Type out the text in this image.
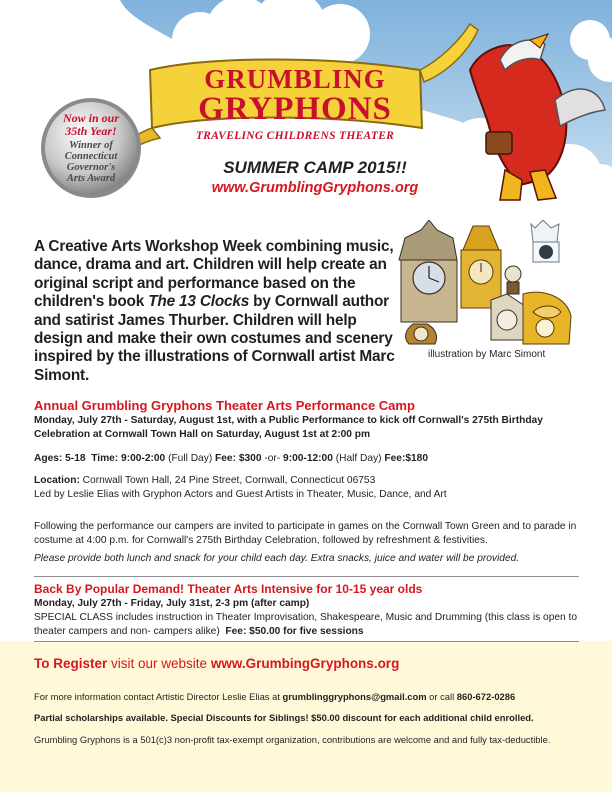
Now in our
35th Year!
Winner of
Connecticut
Governor's
Arts Award
GRUMBLING
GRYPHONS
TRAVELING CHILDRENS THEATER
SUMMER CAMP 2015!!
www.GrumblingGryphons.org

A Creative Arts Workshop Week combining music, dance, drama and art. Children will help create an original script and performance based on the children's book The 13 Clocks by Cornwall author and satirist James Thurber. Children will help design and make their own costumes and scenery inspired by the illustrations of Cornwall artist Marc Simont.

illustration by Marc Simont
Annual Grumbling Gryphons Theater Arts Performance Camp
Monday, July 27th - Saturday, August 1st, with a Public Performance to kick off Cornwall's 275th Birthday Celebration at Cornwall Town Hall on Saturday, August 1st at 2:00 pm
Ages: 5-18 Time: 9:00-2:00 (Full Day) Fee: $300 -or- 9:00-12:00 (Half Day) Fee:$180
Location: Cornwall Town Hall, 24 Pine Street, Cornwall, Connecticut 06753
Led by Leslie Elias with Gryphon Actors and Guest Artists in Theater, Music, Dance, and Art
Following the performance our campers are invited to participate in games on the Cornwall Town Green and to parade in costume at 4:00 p.m. for Cornwall's 275th Birthday Celebration, followed by refreshment & festivities.
Please provide both lunch and snack for your child each day. Extra snacks, juice and water will be provided.
Back By Popular Demand! Theater Arts Intensive for 10-15 year olds
Monday, July 27th - Friday, July 31st, 2-3 pm (after camp)
SPECIAL CLASS includes instruction in Theater Improvisation, Shakespeare, Music and Drumming (this class is open to theater campers and non- campers alike) Fee: $50.00 for five sessions
To Register visit our website www.GrumbingGryphons.org
For more information contact Artistic Director Leslie Elias at grumblinggryphons@gmail.com or call 860-672-0286
Partial scholarships available. Special Discounts for Siblings! $50.00 discount for each additional child enrolled.
Grumbling Gryphons is a 501(c)3 non-profit tax-exempt organization, contributions are welcome and and fully tax-deductible.
